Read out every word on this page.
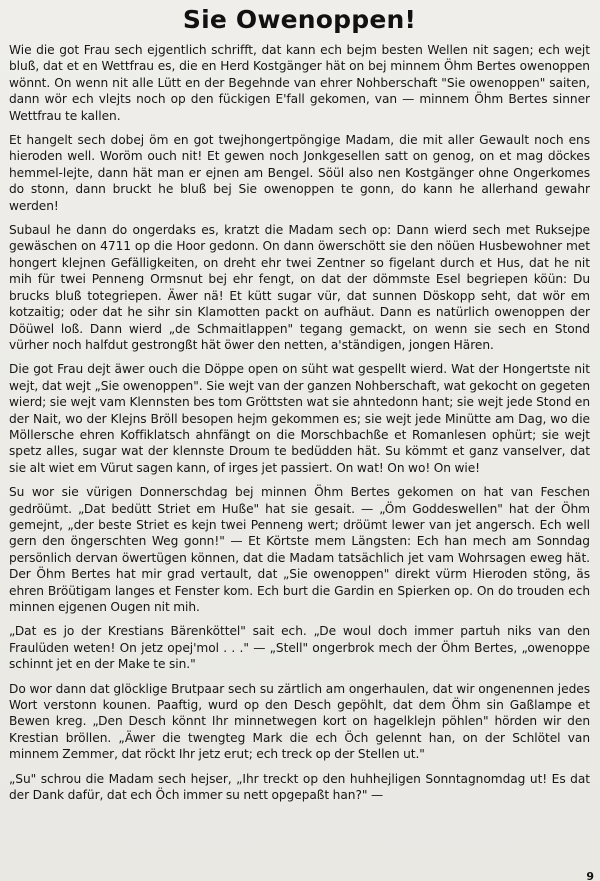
Sie Owenoppen!

Wie die got Frau sech ejgentlich schrifft, dat kann ech bejm besten Wellen nit sagen; ech wejt bluß, dat et en Wettfrau es, die en Herd Kostgänger hät on bej minnem Öhm Bertes owenoppen wönnt. On wenn nit alle Lütt en der Begehnde van ehrer Nohberschaft "Sie owenoppen" saiten, dann wör ech vlejts noch op den fückigen E'fall gekomen, van — minnem Öhm Bertes sinner Wettfrau te kallen.

Et hangelt sech dobej öm en got twejhongertpöngige Madam, die mit aller Gewault noch ens hieroden well. Woröm ouch nit! Et gewen noch Jonkgesellen satt on genog, on et mag döckes hemmel-lejte, dann hät man er ejnen am Bengel. Söül also nen Kostgänger ohne Ongerkomes do stonn, dann bruckt he bluß bej Sie owenoppen te gonn, do kann he allerhand gewahr werden!

Subaul he dann do ongerdaks es, kratzt die Madam sech op: Dann wierd sech met Ruksejpe gewäschen on 4711 op die Hoor gedonn. On dann öwerschött sie den nöüen Husbewohner met hongert klejnen Gefälligkeiten, on dreht ehr twei Zentner so figelant durch et Hus, dat he nit mih für twei Penneng Ormsnut bej ehr fengt, on dat der dömmste Esel begriepen köün: Du brucks bluß totegriepen. Äwer nä! Et kütt sugar vür, dat sunnen Döskopp seht, dat wör em kotzaitig; oder dat he sihr sin Klamotten packt on aufhäut. Dann es natürlich owenoppen der Döüwel loß. Dann wierd „de Schmaitlappen" tegang gemackt, on wenn sie sech en Stond vürher noch halfdut gestrongßt hät öwer den netten, a'ständigen, jongen Hären.

Die got Frau dejt äwer ouch die Döppe open on süht wat gespellt wierd. Wat der Hongertste nit wejt, dat wejt „Sie owenoppen". Sie wejt van der ganzen Nohberschaft, wat gekocht on gegeten wierd; sie wejt vam Klennsten bes tom Gröttsten wat sie ahntedonn hant; sie wejt jede Stond en der Nait, wo der Klejns Bröll besopen hejm gekommen es; sie wejt jede Minütte am Dag, wo die Möllersche ehren Koffiklatsch ahnfängt on die Morschbachße et Romanlesen ophürt; sie wejt spetz alles, sugar wat der klennste Droum te bedüdden hät. Su kömmt et ganz vanselver, dat sie alt wiet em Vürut sagen kann, of irges jet passiert. On wat! On wo! On wie!

Su wor sie vürigen Donnerschdag bej minnen Öhm Bertes gekomen on hat van Feschen gedröümt. „Dat bedütt Striet em Hußе" hat sie gesait. — „Öm Goddeswellen" hat der Öhm gemejnt, „der beste Striet es kejn twei Penneng wert; dröümt lewer van jet angersch. Ech well gern den öngerschten Weg gonn!" — Et Körtste mem Längsten: Ech han mech am Sonndag persönlich dervan öwertügen können, dat die Madam tatsächlich jet vam Wohrsagen eweg hät. Der Öhm Bertes hat mir grad vertault, dat „Sie owenoppen" direkt vürm Hieroden stöng, äs ehren Bröütigam langes et Fenster kom. Ech burt die Gardin en Spierken op. On do trouden ech minnen ejgenen Ougen nit mih.

„Dat es jo der Krestians Bärenköttel" sait ech. „De woul doch immer partuh niks van den Fraulüden weten! On jetz opej'mol . . ." — „Stell" ongerbrok mech der Öhm Bertes, „owenoppe schinnt jet en der Make te sin."

Do wor dann dat glöcklige Brutpaar sech su zärtlich am ongerhaulen, dat wir ongenennen jedes Wort verstonn kounen. Paaftig, wurd op den Desch gepöhlt, dat dem Öhm sin Gaßlampe et Bewen kreg. „Den Desch könnt Ihr minnetwegen kort on hagelklejn pöhlen" hörden wir den Krestian bröllen. „Äwer die twengteg Mark die ech Öch gelennt han, on der Schlötel van minnem Zemmer, dat röckt Ihr jetz erut; ech treck op der Stellen ut."

„Su" schrou die Madam sech hejser, „Ihr treckt op den huhhejligen Sonntagnomdag ut! Es dat der Dank dafür, dat ech Öch immer su nett opgepaßt han?" —

9
